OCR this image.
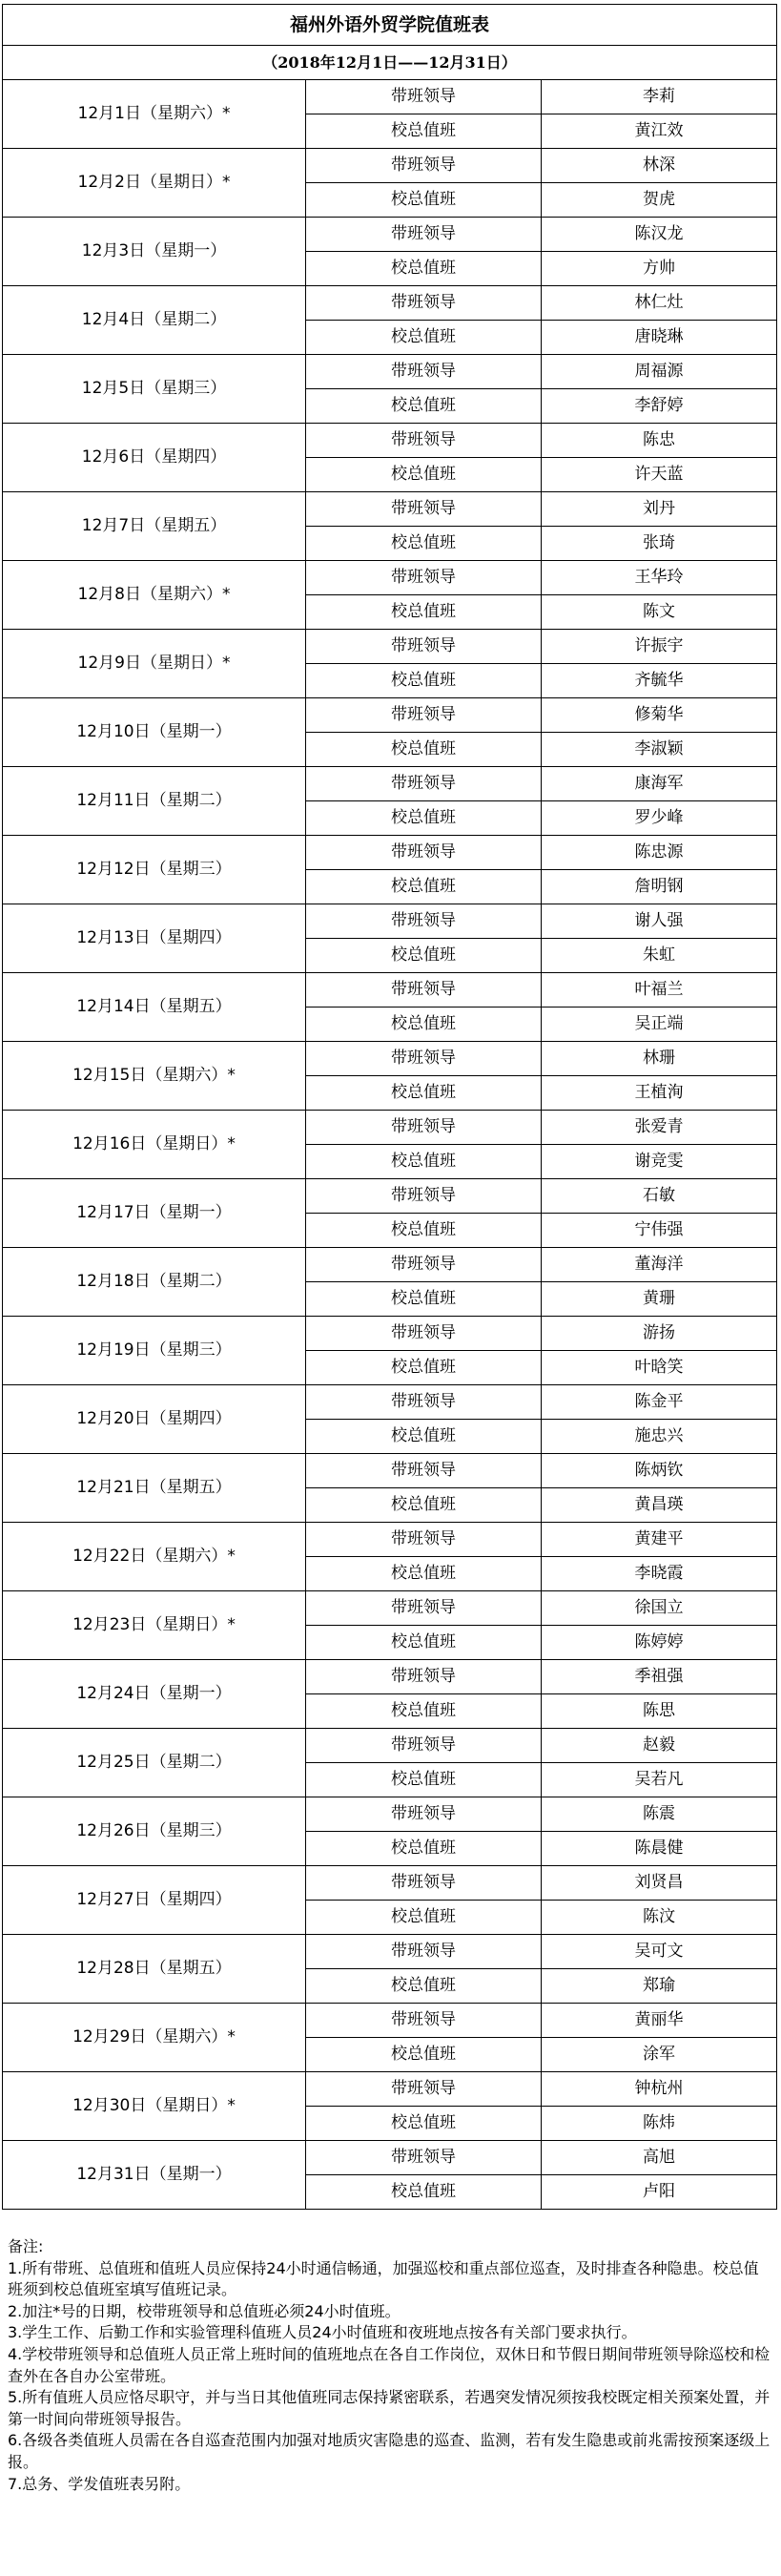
福州外语外贸学院值班表		
（2018年12月1日——12月31日）		
12月1日（星期六）*	带班领导	李莉
	校总值班	黄江效
12月2日（星期日）*	带班领导	林深
	校总值班	贺虎
12月3日（星期一）	带班领导	陈汉龙
	校总值班	方帅
12月4日（星期二）	带班领导	林仁灶
	校总值班	唐晓琳
12月5日（星期三）	带班领导	周福源
	校总值班	李舒婷
12月6日（星期四）	带班领导	陈忠
	校总值班	许天蓝
12月7日（星期五）	带班领导	刘丹
	校总值班	张琦
12月8日（星期六）*	带班领导	王华玲
	校总值班	陈文
12月9日（星期日）*	带班领导	许振宇
	校总值班	齐毓华
12月10日（星期一）	带班领导	修菊华
	校总值班	李淑颖
12月11日（星期二）	带班领导	康海军
	校总值班	罗少峰
12月12日（星期三）	带班领导	陈忠源
	校总值班	詹明钢
12月13日（星期四）	带班领导	谢人强
	校总值班	朱虹
12月14日（星期五）	带班领导	叶福兰
	校总值班	吴正端
12月15日（星期六）*	带班领导	林珊
	校总值班	王植洵
12月16日（星期日）*	带班领导	张爱青
	校总值班	谢竞雯
12月17日（星期一）	带班领导	石敏
	校总值班	宁伟强
12月18日（星期二）	带班领导	董海洋
	校总值班	黄珊
12月19日（星期三）	带班领导	游扬
	校总值班	叶晗笑
12月20日（星期四）	带班领导	陈金平
	校总值班	施忠兴
12月21日（星期五）	带班领导	陈炳钦
	校总值班	黄昌瑛
12月22日（星期六）*	带班领导	黄建平
	校总值班	李晓霞
12月23日（星期日）*	带班领导	徐国立
	校总值班	陈婷婷
12月24日（星期一）	带班领导	季祖强
	校总值班	陈思
12月25日（星期二）	带班领导	赵毅
	校总值班	吴若凡
12月26日（星期三）	带班领导	陈震
	校总值班	陈晨健
12月27日（星期四）	带班领导	刘贤昌
	校总值班	陈汶
12月28日（星期五）	带班领导	吴可文
	校总值班	郑瑜
12月29日（星期六）*	带班领导	黄丽华
	校总值班	涂军
12月30日（星期日）*	带班领导	钟杭州
	校总值班	陈炜
12月31日（星期一）	带班领导	高旭
	校总值班	卢阳
备注:
1.所有带班、总值班和值班人员应保持24小时通信畅通，加强巡校和重点部位巡查，及时排查各种隐患。校总值班须到校总值班室填写值班记录。
2.加注*号的日期，校带班领导和总值班必须24小时值班。
3.学生工作、后勤工作和实验管理科值班人员24小时值班和夜班地点按各有关部门要求执行。
4.学校带班领导和总值班人员正常上班时间的值班地点在各自工作岗位，双休日和节假日期间带班领导除巡校和检查外在各自办公室带班。
5.所有值班人员应恪尽职守，并与当日其他值班同志保持紧密联系，若遇突发情况须按我校既定相关预案处置，并第一时间向带班领导报告。
6.各级各类值班人员需在各自巡查范围内加强对地质灾害隐患的巡查、监测，若有发生隐患或前兆需按预案逐级上报。
7.总务、学发值班表另附。
